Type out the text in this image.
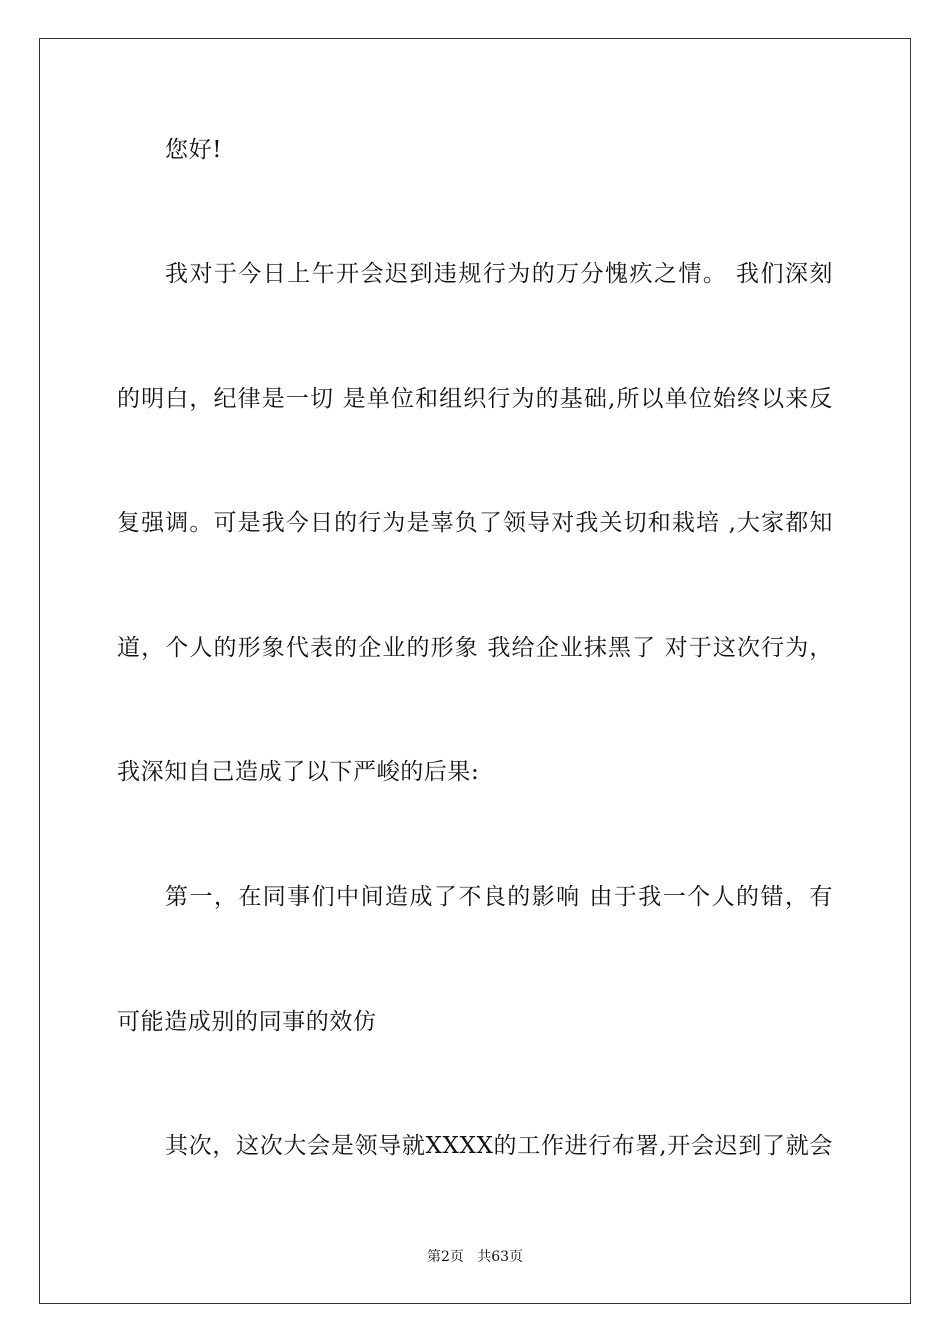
您好!
我对于今日上午开会迟到违规行为的万分愧疚之情。 我们深刻
的明白，纪律是一切 是单位和组织行为的基础,所以单位始终以来反
复强调。可是我今日的行为是辜负了领导对我关切和栽培 ,大家都知
道，个人的形象代表的企业的形象 我给企业抹黑了 对于这次行为，
我深知自己造成了以下严峻的后果:
第一，在同事们中间造成了不良的影响 由于我一个人的错，有
可能造成别的同事的效仿
其次，这次大会是领导就XXXX的工作进行布署,开会迟到了就会
第2页   共63页
